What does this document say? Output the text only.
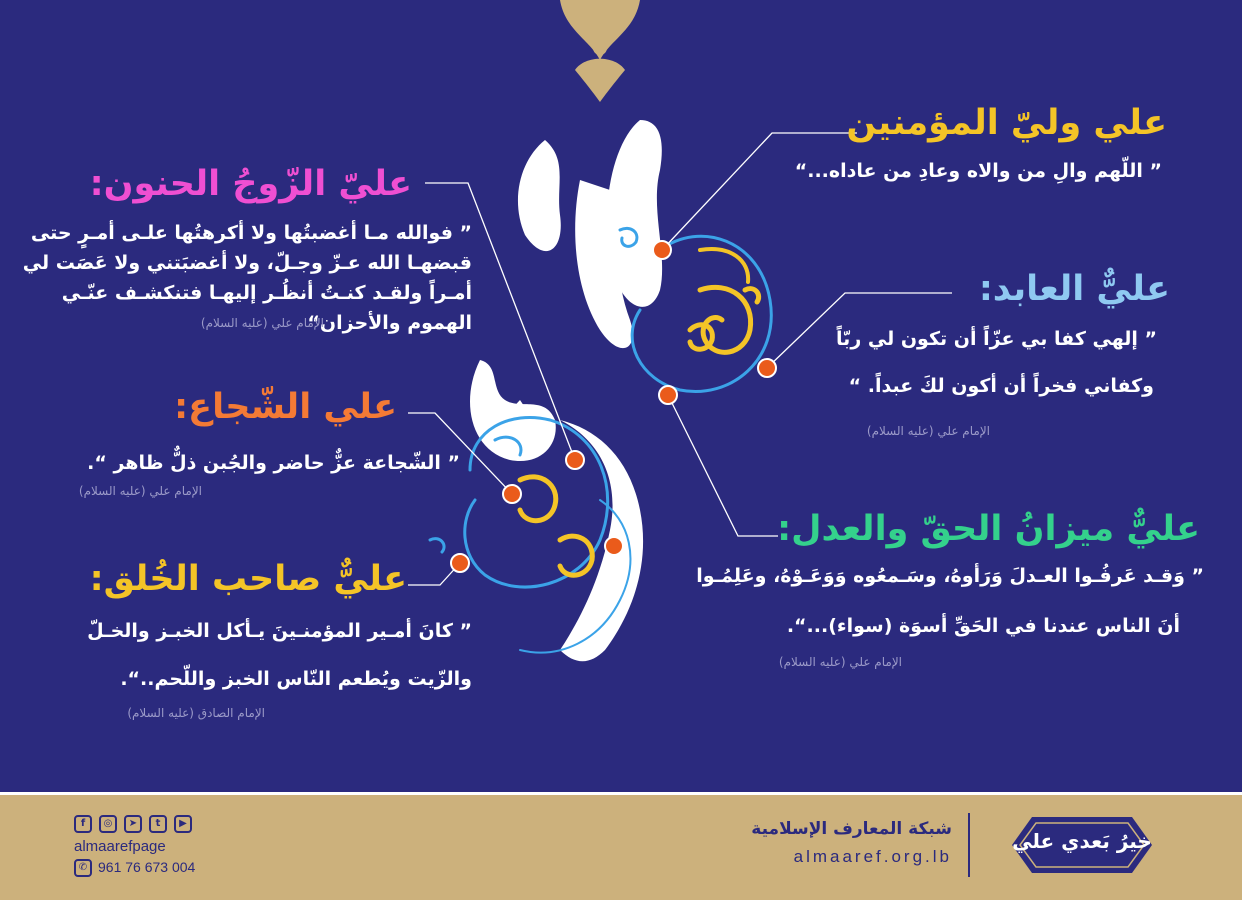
علي وليّ المؤمنين
” اللّهم والِ من والاه وعادِ من عاداه...“
عليّ الزّوجُ الحنون:
” فوالله مـا أغضبتُها ولا أكرهتُها علـى أمـرٍ حتى
قبضهـا الله عـزّ وجـلّ، ولا أغضبَتني ولا عَصَت لي
أمـراً ولقـد كنـتُ أنظُـر إليهـا فتنكشـف عنّـي
الهموم والأحزان“
الإمام علي (عليه السلام)
عليٌّ العابد:
” إلهي كفا بي عزّاً أن تكون لي ربّاً
وكفاني فخراً أن أكون لكَ عبداً. “
الإمام علي (عليه السلام)
علي الشّجاع:
” الشّجاعة عزٌّ حاضر والجُبن ذلٌّ ظاهر “.
الإمام علي (عليه السلام)
عليٌّ ميزانُ الحقّ والعدل:
” وَقـد عَرفُـوا العـدلَ وَرَأوهُ، وسَـمعُوه وَوَعَـوْهُ، وعَلِمُـوا
أنَ الناس عندنا في الحَقِّ أسوَة (سواء)...“.
الإمام علي (عليه السلام)
عليٌّ صاحب الخُلق:
” كانَ أمـير المؤمنـينَ يـأكل الخبـز والخـلّ
والزّيت ويُطعم النّاس الخبز واللّحم..“.
الإمام الصادق (عليه السلام)
f	◎ ➤	t	▶
almaarefpage
✆ 961 76 673 004
شبكة المعارف الإسلامية
almaaref.org.lb
خيرُ بَعدي علي
